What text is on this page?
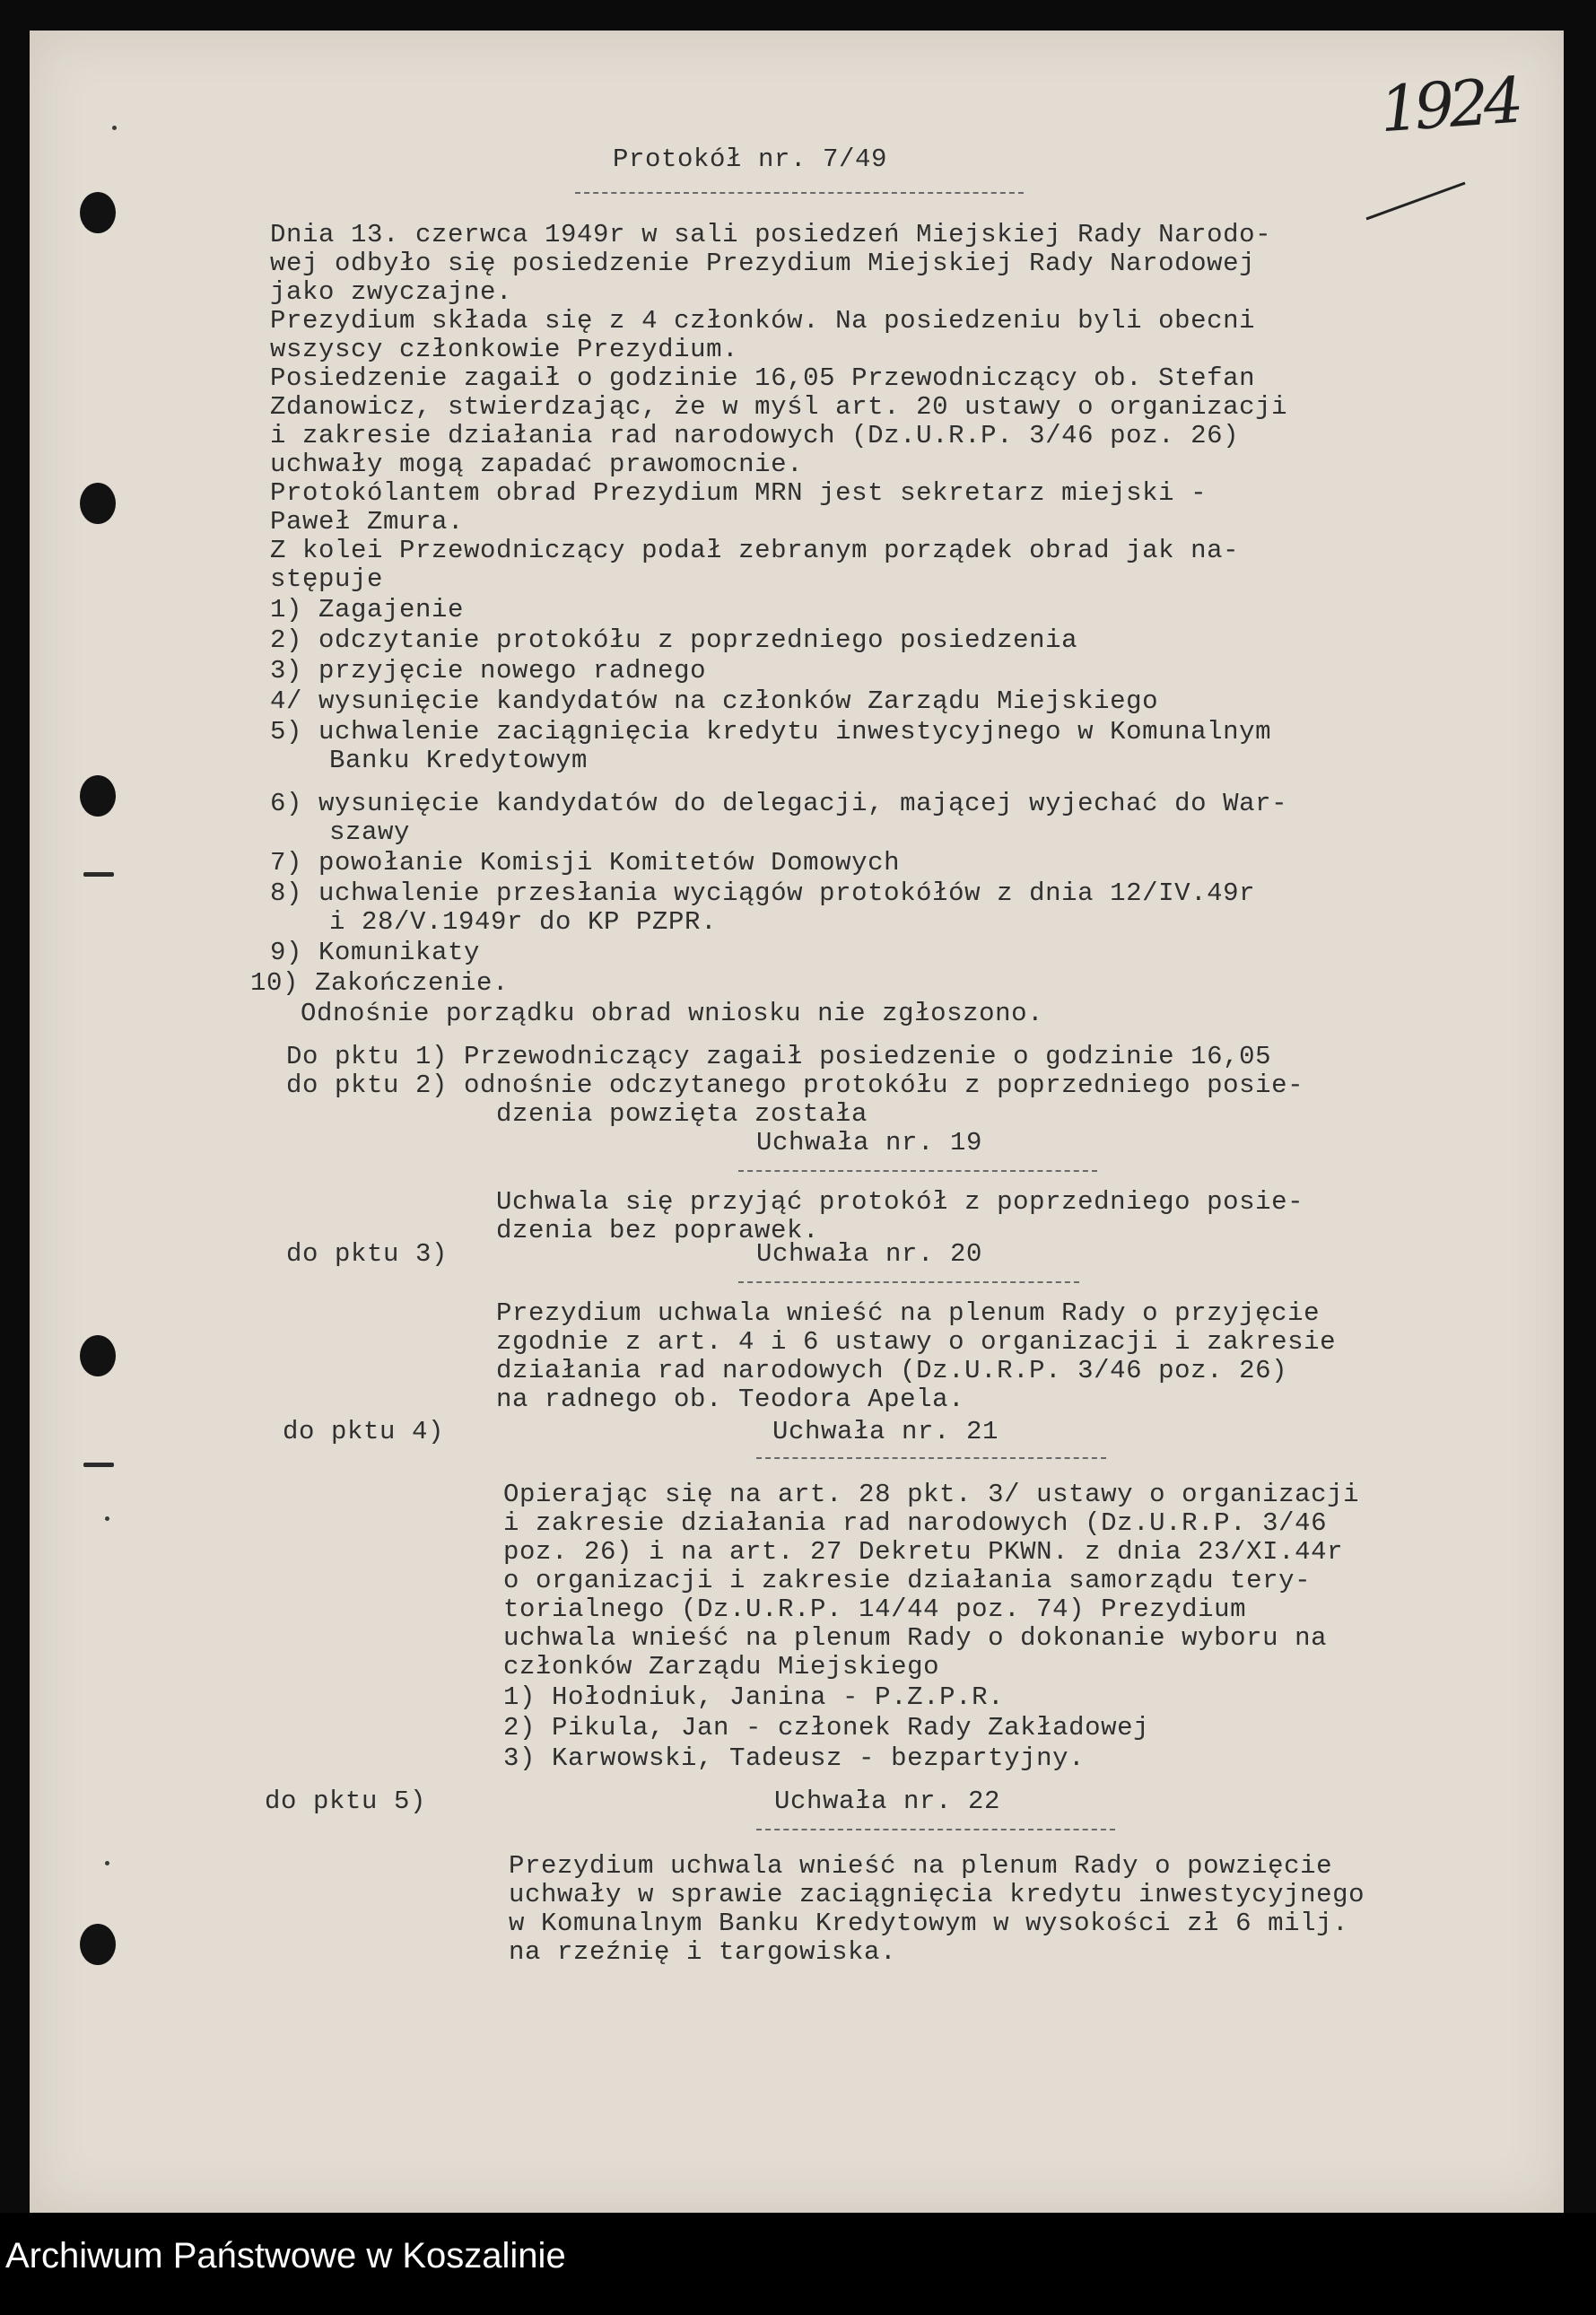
1924
Protokół nr. 7/49
Dnia 13. czerwca 1949r w sali posiedzeń Miejskiej Rady Narodo-
wej odbyło się posiedzenie Prezydium Miejskiej Rady Narodowej
jako zwyczajne.
Prezydium składa się z 4 członków. Na posiedzeniu byli obecni
wszyscy członkowie Prezydium.
Posiedzenie zagaił o godzinie 16,05 Przewodniczący ob. Stefan
Zdanowicz, stwierdzając, że w myśl art. 20 ustawy o organizacji
i zakresie działania rad narodowych (Dz.U.R.P. 3/46 poz. 26)
uchwały mogą zapadać prawomocnie.
Protokólantem obrad Prezydium MRN jest sekretarz miejski -
Paweł Zmura.
Z kolei Przewodniczący podał zebranym porządek obrad jak na-
stępuje
1) Zagajenie
2) odczytanie protokółu z poprzedniego posiedzenia
3) przyjęcie nowego radnego
4/ wysunięcie kandydatów na członków Zarządu Miejskiego
5) uchwalenie zaciągnięcia kredytu inwestycyjnego w Komunalnym
Banku Kredytowym
6) wysunięcie kandydatów do delegacji, mającej wyjechać do War-
szawy
7) powołanie Komisji Komitetów Domowych
8) uchwalenie przesłania wyciągów protokółów z dnia 12/IV.49r
i 28/V.1949r do KP PZPR.
9) Komunikaty
10) Zakończenie.
Odnośnie porządku obrad wniosku nie zgłoszono.
Do pktu 1) Przewodniczący zagaił posiedzenie o godzinie 16,05
do pktu 2) odnośnie odczytanego protokółu z poprzedniego posie-
dzenia powzięta została
Uchwała nr. 19
Uchwala się przyjąć protokół z poprzedniego posie-
dzenia bez poprawek.
do pktu 3)	Uchwała nr. 20
Prezydium uchwala wnieść na plenum Rady o przyjęcie
zgodnie z art. 4 i 6 ustawy o organizacji i zakresie
działania rad narodowych (Dz.U.R.P. 3/46 poz. 26)
na radnego ob. Teodora Apela.
do pktu 4)	Uchwała nr. 21
Opierając się na art. 28 pkt. 3/ ustawy o organizacji
i zakresie działania rad narodowych (Dz.U.R.P. 3/46
poz. 26) i na art. 27 Dekretu PKWN. z dnia 23/XI.44r
o organizacji i zakresie działania samorządu tery-
torialnego (Dz.U.R.P. 14/44 poz. 74) Prezydium
uchwala wnieść na plenum Rady o dokonanie wyboru na
członków Zarządu Miejskiego
1) Hołodniuk, Janina - P.Z.P.R.
2) Pikula, Jan - członek Rady Zakładowej
3) Karwowski, Tadeusz - bezpartyjny.
do pktu 5)	Uchwała nr. 22
Prezydium uchwala wnieść na plenum Rady o powzięcie
uchwały w sprawie zaciągnięcia kredytu inwestycyjnego
w Komunalnym Banku Kredytowym w wysokości zł 6 milj.
na rzeźnię i targowiska.
Archiwum Państwowe w Koszalinie
